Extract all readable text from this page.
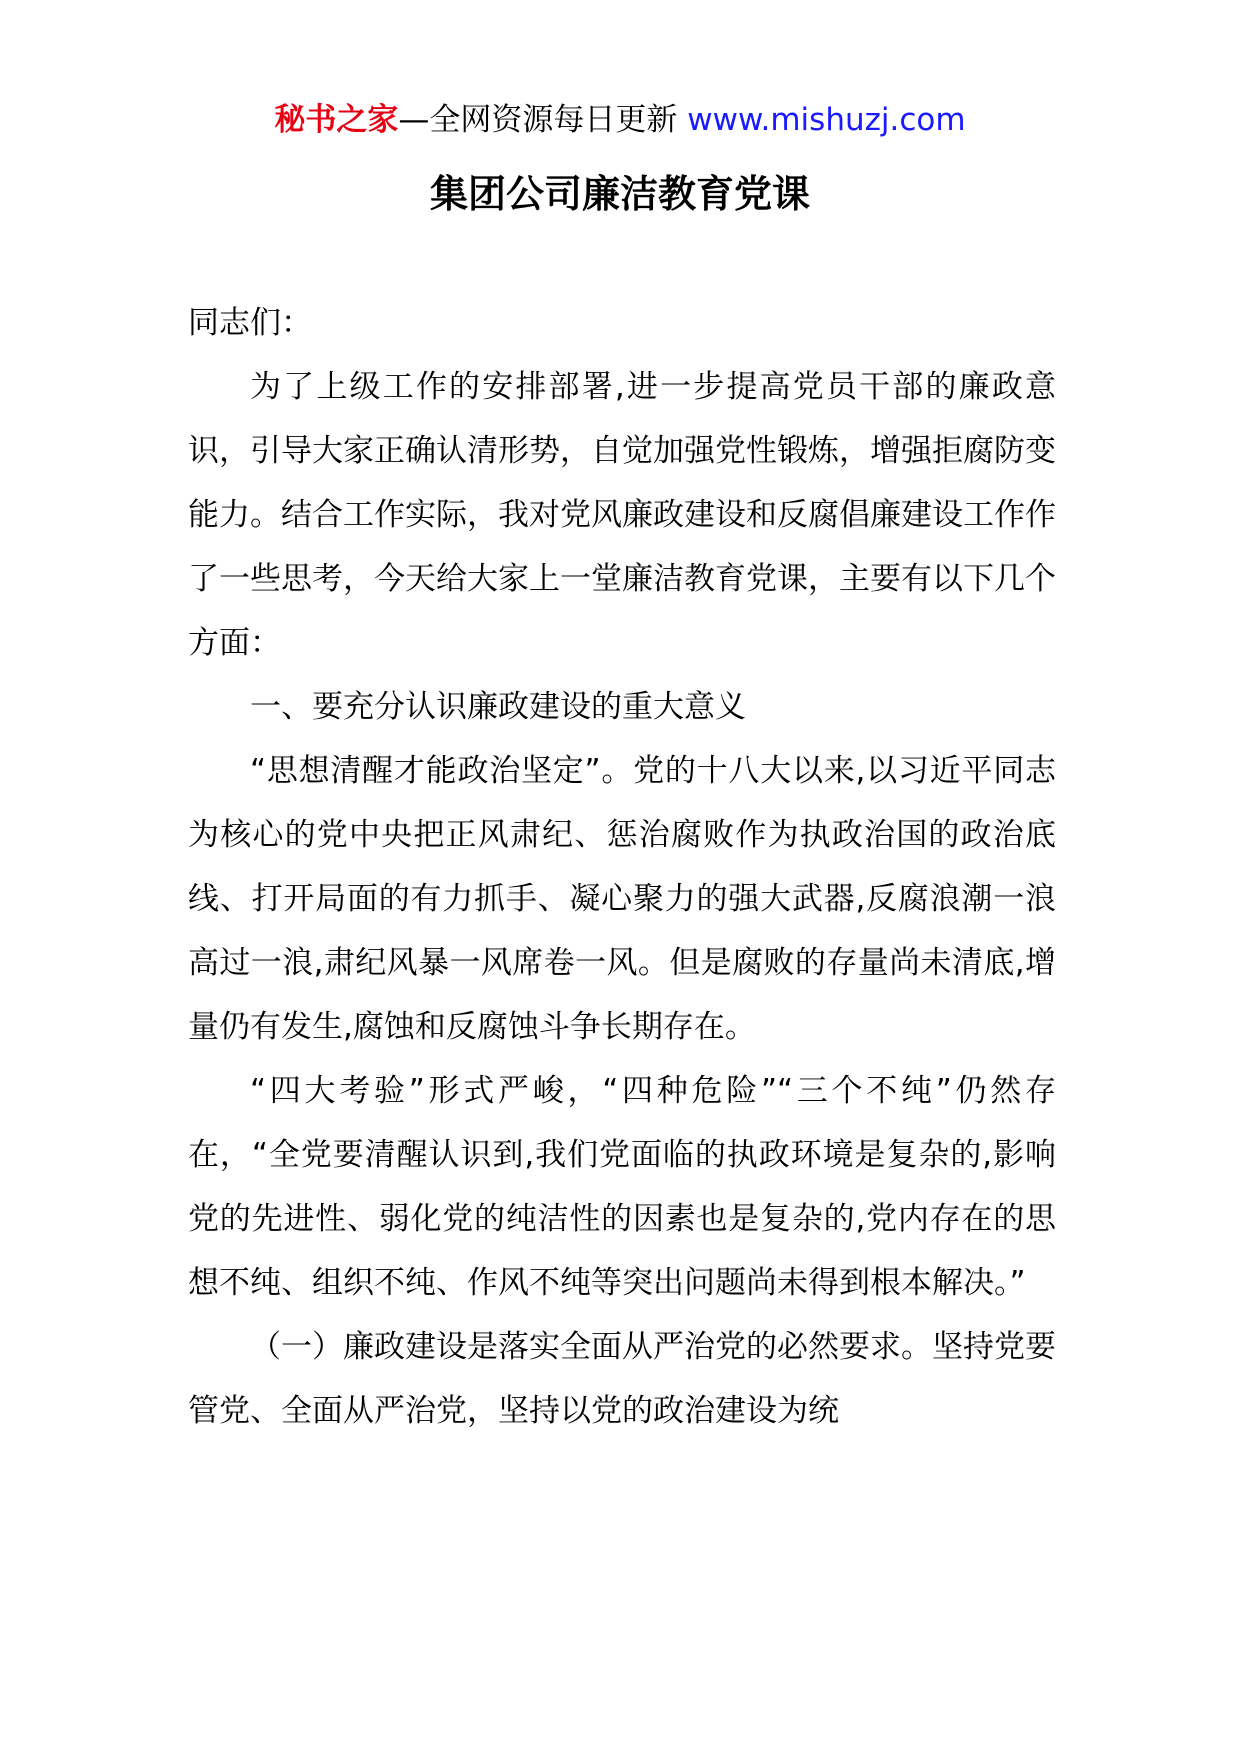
秘书之家—全网资源每日更新 www.mishuzj.com
集团公司廉洁教育党课

同志们：

为了上级工作的安排部署,进一步提高党员干部的廉政意识，引导大家正确认清形势，自觉加强党性锻炼，增强拒腐防变能力。结合工作实际，我对党风廉政建设和反腐倡廉建设工作作了一些思考，今天给大家上一堂廉洁教育党课，主要有以下几个方面：

一、要充分认识廉政建设的重大意义

“思想清醒才能政治坚定”。党的十八大以来,以习近平同志为核心的党中央把正风肃纪、惩治腐败作为执政治国的政治底线、打开局面的有力抓手、凝心聚力的强大武器,反腐浪潮一浪高过一浪,肃纪风暴一风席卷一风。但是腐败的存量尚未清底,增量仍有发生,腐蚀和反腐蚀斗争长期存在。

“四大考验”形式严峻，“四种危险”“三个不纯”仍然存在，“全党要清醒认识到,我们党面临的执政环境是复杂的,影响党的先进性、弱化党的纯洁性的因素也是复杂的,党内存在的思想不纯、组织不纯、作风不纯等突出问题尚未得到根本解决。”

（一）廉政建设是落实全面从严治党的必然要求。坚持党要管党、全面从严治党，坚持以党的政治建设为统
